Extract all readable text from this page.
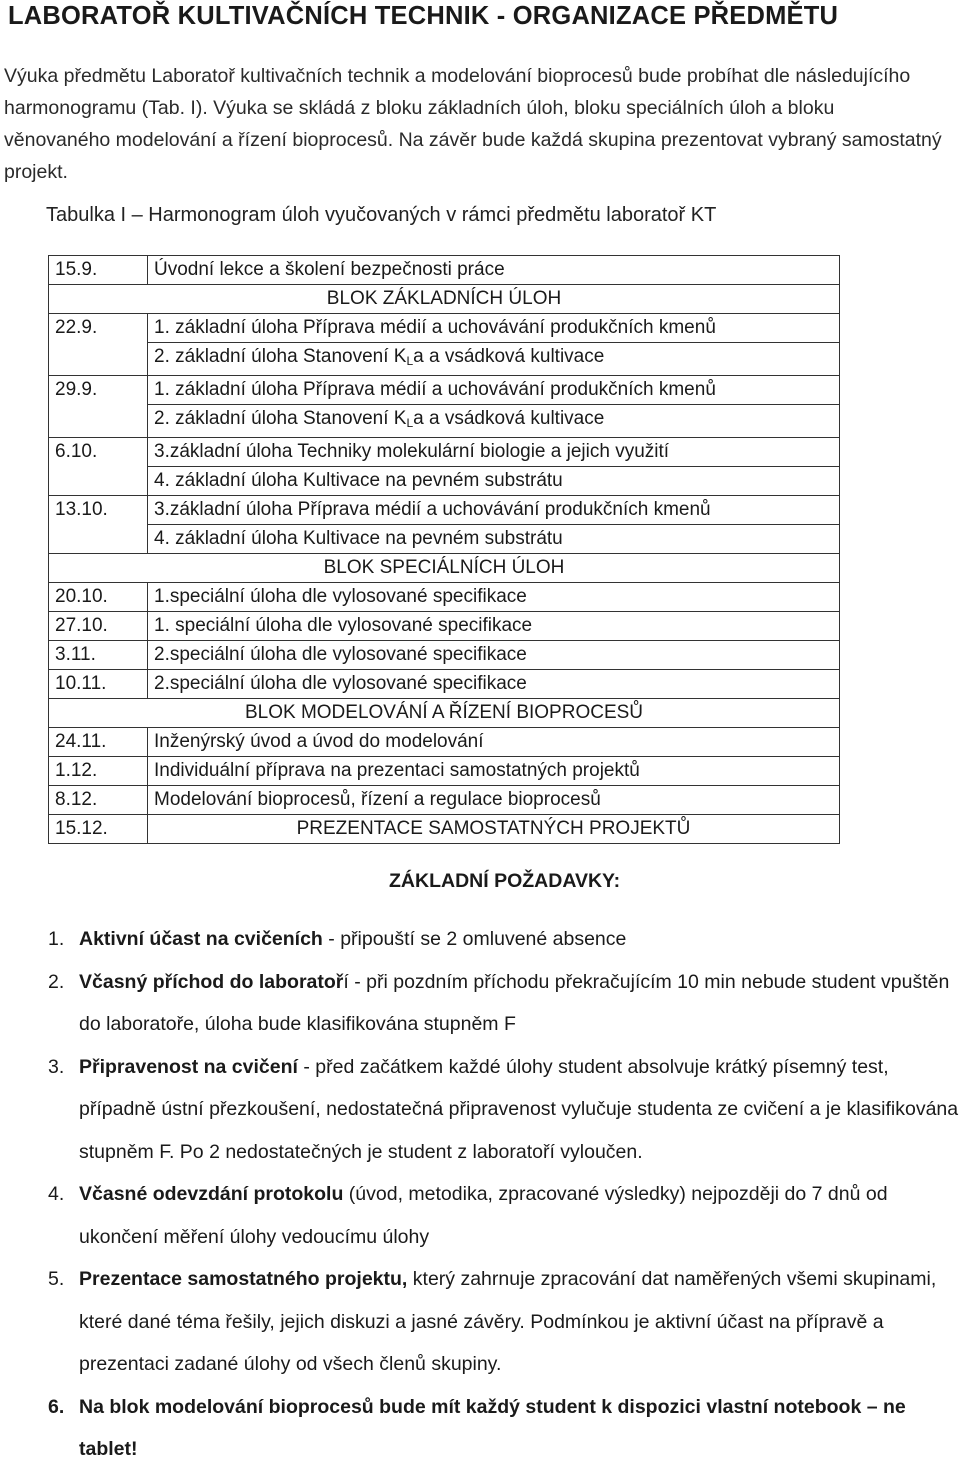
LABORATOŘ KULTIVAČNÍCH TECHNIK - ORGANIZACE PŘEDMĚTU
Výuka předmětu Laboratoř kultivačních technik a modelování bioprocesů bude probíhat dle následujícího harmonogramu (Tab. I). Výuka se skládá z bloku základních úloh, bloku speciálních úloh a bloku věnovaného modelování a řízení bioprocesů. Na závěr bude každá skupina prezentovat vybraný samostatný projekt.
Tabulka I – Harmonogram úloh vyučovaných v rámci předmětu laboratoř KT
15.9.	Úvodní lekce a školení bezpečnosti práce
BLOK ZÁKLADNÍCH ÚLOH	
22.9.	1. základní úloha Příprava médií a uchovávání produkčních kmenů
	2. základní úloha Stanovení KLa a vsádková kultivace
29.9.	1. základní úloha Příprava médií a uchovávání produkčních kmenů
	2. základní úloha Stanovení KLa a vsádková kultivace
6.10.	3.základní úloha Techniky molekulární biologie a jejich využití
	4. základní úloha Kultivace na pevném substrátu
13.10.	3.základní úloha Příprava médií a uchovávání produkčních kmenů
	4. základní úloha Kultivace na pevném substrátu
BLOK SPECIÁLNÍCH ÚLOH	
20.10.	1.speciální úloha dle vylosované specifikace
27.10.	1. speciální úloha dle vylosované specifikace
3.11.	2.speciální úloha dle vylosované specifikace
10.11.	2.speciální úloha dle vylosované specifikace
BLOK MODELOVÁNÍ A ŘÍZENÍ BIOPROCESŮ	
24.11.	Inženýrský úvod a úvod do modelování
1.12.	Individuální příprava na prezentaci samostatných projektů
8.12.	Modelování bioprocesů, řízení a regulace bioprocesů
15.12.	PREZENTACE SAMOSTATNÝCH PROJEKTŮ
ZÁKLADNÍ POŽADAVKY:
1. Aktivní účast na cvičeních - připouští se 2 omluvené absence
2. Včasný příchod do laboratoří - při pozdním příchodu překračujícím 10 min nebude student vpuštěn do laboratoře, úloha bude klasifikována stupněm F
3. Připravenost na cvičení - před začátkem každé úlohy student absolvuje krátký písemný test, případně ústní přezkoušení, nedostatečná připravenost vylučuje studenta ze cvičení a je klasifikována stupněm F. Po 2 nedostatečných je student z laboratoří vyloučen.
4. Včasné odevzdání protokolu (úvod, metodika, zpracované výsledky) nejpozději do 7 dnů od ukončení měření úlohy vedoucímu úlohy
5. Prezentace samostatného projektu, který zahrnuje zpracování dat naměřených všemi skupinami, které dané téma řešily, jejich diskuzi a jasné závěry. Podmínkou je aktivní účast na přípravě a prezentaci zadané úlohy od všech členů skupiny.
6. Na blok modelování bioprocesů bude mít každý student k dispozici vlastní notebook – ne tablet!
